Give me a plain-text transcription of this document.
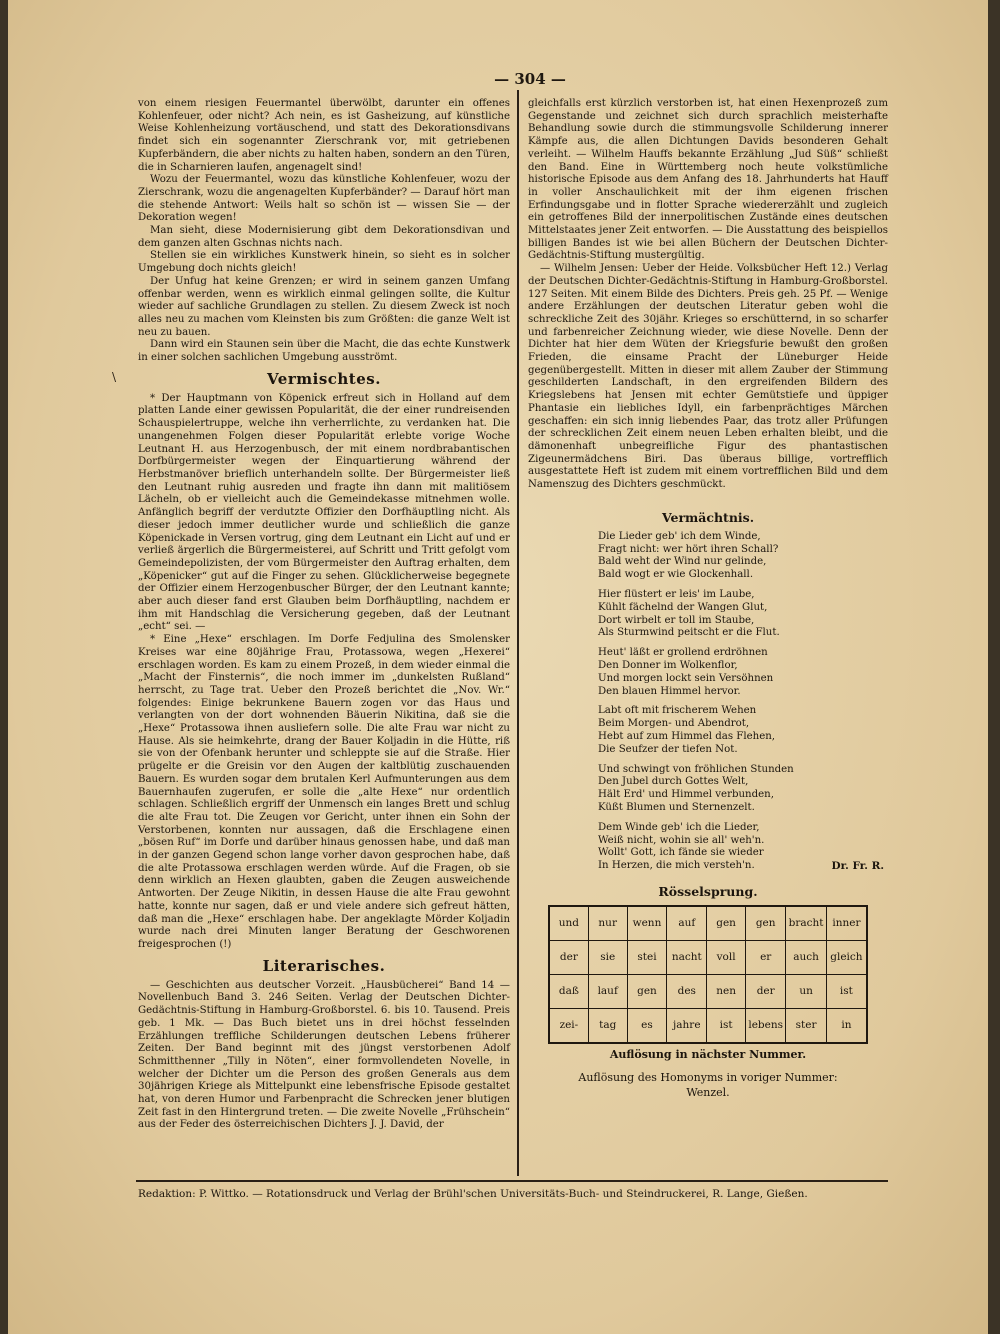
\
— 304 —

von einem riesigen Feuermantel überwölbt, darunter ein offenes Kohlenfeuer, oder nicht? Ach nein, es ist Gasheizung, auf künstliche Weise Kohlenheizung vortäuschend, und statt des Dekorationsdivans findet sich ein sogenannter Zierschrank vor, mit getriebenen Kupferbändern, die aber nichts zu halten haben, sondern an den Türen, die in Scharnieren laufen, angenagelt sind!

Wozu der Feuermantel, wozu das künstliche Kohlenfeuer, wozu der Zierschrank, wozu die angenagelten Kupferbänder? — Darauf hört man die stehende Antwort: Weils halt so schön ist — wissen Sie — der Dekoration wegen!

Man sieht, diese Modernisierung gibt dem Dekorationsdivan und dem ganzen alten Gschnas nichts nach.

Stellen sie ein wirkliches Kunstwerk hinein, so sieht es in solcher Umgebung doch nichts gleich!

Der Unfug hat keine Grenzen; er wird in seinem ganzen Umfang offenbar werden, wenn es wirklich einmal gelingen sollte, die Kultur wieder auf sachliche Grundlagen zu stellen. Zu diesem Zweck ist noch alles neu zu machen vom Kleinsten bis zum Größten: die ganze Welt ist neu zu bauen.

Dann wird ein Staunen sein über die Macht, die das echte Kunstwerk in einer solchen sachlichen Umgebung ausströmt.

Vermischtes.

* Der Hauptmann von Köpenick erfreut sich in Holland auf dem platten Lande einer gewissen Popularität, die der einer rundreisenden Schauspielertruppe, welche ihn verherrlichte, zu verdanken hat. Die unangenehmen Folgen dieser Popularität erlebte vorige Woche Leutnant H. aus Herzogenbusch, der mit einem nordbrabantischen Dorfbürgermeister wegen der Einquartierung während der Herbstmanöver brieflich unterhandeln sollte. Der Bürgermeister ließ den Leutnant ruhig ausreden und fragte ihn dann mit malitiösem Lächeln, ob er vielleicht auch die Gemeindekasse mitnehmen wolle. Anfänglich begriff der verdutzte Offizier den Dorfhäuptling nicht. Als dieser jedoch immer deutlicher wurde und schließlich die ganze Köpenickade in Versen vortrug, ging dem Leutnant ein Licht auf und er verließ ärgerlich die Bürgermeisterei, auf Schritt und Tritt gefolgt vom Gemeindepolizisten, der vom Bürgermeister den Auftrag erhalten, dem „Köpenicker“ gut auf die Finger zu sehen. Glücklicherweise begegnete der Offizier einem Herzogenbuscher Bürger, der den Leutnant kannte; aber auch dieser fand erst Glauben beim Dorfhäuptling, nachdem er ihm mit Handschlag die Versicherung gegeben, daß der Leutnant „echt“ sei. —

* Eine „Hexe“ erschlagen. Im Dorfe Fedjulina des Smolensker Kreises war eine 80jährige Frau, Protassowa, wegen „Hexerei“ erschlagen worden. Es kam zu einem Prozeß, in dem wieder einmal die „Macht der Finsternis“, die noch immer im „dunkelsten Rußland“ herrscht, zu Tage trat. Ueber den Prozeß berichtet die „Nov. Wr.“ folgendes: Einige bekrunkene Bauern zogen vor das Haus und verlangten von der dort wohnenden Bäuerin Nikitina, daß sie die „Hexe“ Protassowa ihnen ausliefern solle. Die alte Frau war nicht zu Hause. Als sie heimkehrte, drang der Bauer Koljadin in die Hütte, riß sie von der Ofenbank herunter und schleppte sie auf die Straße. Hier prügelte er die Greisin vor den Augen der kaltblütig zuschauenden Bauern. Es wurden sogar dem brutalen Kerl Aufmunterungen aus dem Bauernhaufen zugerufen, er solle die „alte Hexe“ nur ordentlich schlagen. Schließlich ergriff der Unmensch ein langes Brett und schlug die alte Frau tot. Die Zeugen vor Gericht, unter ihnen ein Sohn der Verstorbenen, konnten nur aussagen, daß die Erschlagene einen „bösen Ruf“ im Dorfe und darüber hinaus genossen habe, und daß man in der ganzen Gegend schon lange vorher davon gesprochen habe, daß die alte Protassowa erschlagen werden würde. Auf die Fragen, ob sie denn wirklich an Hexen glaubten, gaben die Zeugen ausweichende Antworten. Der Zeuge Nikitin, in dessen Hause die alte Frau gewohnt hatte, konnte nur sagen, daß er und viele andere sich gefreut hätten, daß man die „Hexe“ erschlagen habe. Der angeklagte Mörder Koljadin wurde nach drei Minuten langer Beratung der Geschworenen freigesprochen (!)

Literarisches.

— Geschichten aus deutscher Vorzeit. „Hausbücherei“ Band 14 — Novellenbuch Band 3. 246 Seiten. Verlag der Deutschen Dichter-Gedächtnis-Stiftung in Hamburg-Großborstel. 6. bis 10. Tausend. Preis geb. 1 Mk. — Das Buch bietet uns in drei höchst fesselnden Erzählungen treffliche Schilderungen deutschen Lebens früherer Zeiten. Der Band beginnt mit des jüngst verstorbenen Adolf Schmitthenner „Tilly in Nöten“, einer formvollendeten Novelle, in welcher der Dichter um die Person des großen Generals aus dem 30jährigen Kriege als Mittelpunkt eine lebensfrische Episode gestaltet hat, von deren Humor und Farbenpracht die Schrecken jener blutigen Zeit fast in den Hintergrund treten. — Die zweite Novelle „Frühschein“ aus der Feder des österreichischen Dichters J. J. David, der

gleichfalls erst kürzlich verstorben ist, hat einen Hexenprozeß zum Gegenstande und zeichnet sich durch sprachlich meisterhafte Behandlung sowie durch die stimmungsvolle Schilderung innerer Kämpfe aus, die allen Dichtungen Davids besonderen Gehalt verleiht. — Wilhelm Hauffs bekannte Erzählung „Jud Süß“ schließt den Band. Eine in Württemberg noch heute volkstümliche historische Episode aus dem Anfang des 18. Jahrhunderts hat Hauff in voller Anschaulichkeit mit der ihm eigenen frischen Erfindungsgabe und in flotter Sprache wiedererzählt und zugleich ein getroffenes Bild der innerpolitischen Zustände eines deutschen Mittelstaates jener Zeit entworfen. — Die Ausstattung des beispiellos billigen Bandes ist wie bei allen Büchern der Deutschen Dichter-Gedächtnis-Stiftung mustergültig.

— Wilhelm Jensen: Ueber der Heide. Volksbücher Heft 12.) Verlag der Deutschen Dichter-Gedächtnis-Stiftung in Hamburg-Großborstel. 127 Seiten. Mit einem Bilde des Dichters. Preis geh. 25 Pf. — Wenige andere Erzählungen der deutschen Literatur geben wohl die schreckliche Zeit des 30jähr. Krieges so erschütternd, in so scharfer und farbenreicher Zeichnung wieder, wie diese Novelle. Denn der Dichter hat hier dem Wüten der Kriegsfurie bewußt den großen Frieden, die einsame Pracht der Lüneburger Heide gegenübergestellt. Mitten in dieser mit allem Zauber der Stimmung geschilderten Landschaft, in den ergreifenden Bildern des Kriegslebens hat Jensen mit echter Gemütstiefe und üppiger Phantasie ein liebliches Idyll, ein farbenprächtiges Märchen geschaffen: ein sich innig liebendes Paar, das trotz aller Prüfungen der schrecklichen Zeit einem neuen Leben erhalten bleibt, und die dämonenhaft unbegreifliche Figur des phantastischen Zigeunermädchens Biri. Das überaus billige, vortrefflich ausgestattete Heft ist zudem mit einem vortrefflichen Bild und dem Namenszug des Dichters geschmückt.

Vermächtnis.
Die Lieder geb' ich dem Winde,
Fragt nicht: wer hört ihren Schall?
Bald weht der Wind nur gelinde,
Bald wogt er wie Glockenhall.
Hier flüstert er leis' im Laube,
Kühlt fächelnd der Wangen Glut,
Dort wirbelt er toll im Staube,
Als Sturmwind peitscht er die Flut.
Heut' läßt er grollend erdröhnen
Den Donner im Wolkenflor,
Und morgen lockt sein Versöhnen
Den blauen Himmel hervor.
Labt oft mit frischerem Wehen
Beim Morgen- und Abendrot,
Hebt auf zum Himmel das Flehen,
Die Seufzer der tiefen Not.
Und schwingt von fröhlichen Stunden
Den Jubel durch Gottes Welt,
Hält Erd' und Himmel verbunden,
Küßt Blumen und Sternenzelt.
Dem Winde geb' ich die Lieder,
Weiß nicht, wohin sie all' weh'n.
Wollt' Gott, ich fände sie wieder
In Herzen, die mich versteh'n.	Dr. Fr. R.
Rösselsprung.
und	nur	wenn	auf	gen	gen	bracht	inner
der	sie	stei	nacht	voll	er	auch	gleich
daß	lauf	gen	des	nen	der	un	ist
zei-	tag	es	jahre	ist	lebens	ster	in
Auflösung in nächster Nummer.
Auflösung des Homonyms in voriger Nummer:
Wenzel.
Redaktion: P. Wittko. — Rotationsdruck und Verlag der Brühl'schen Universitäts-Buch- und Steindruckerei, R. Lange, Gießen.
